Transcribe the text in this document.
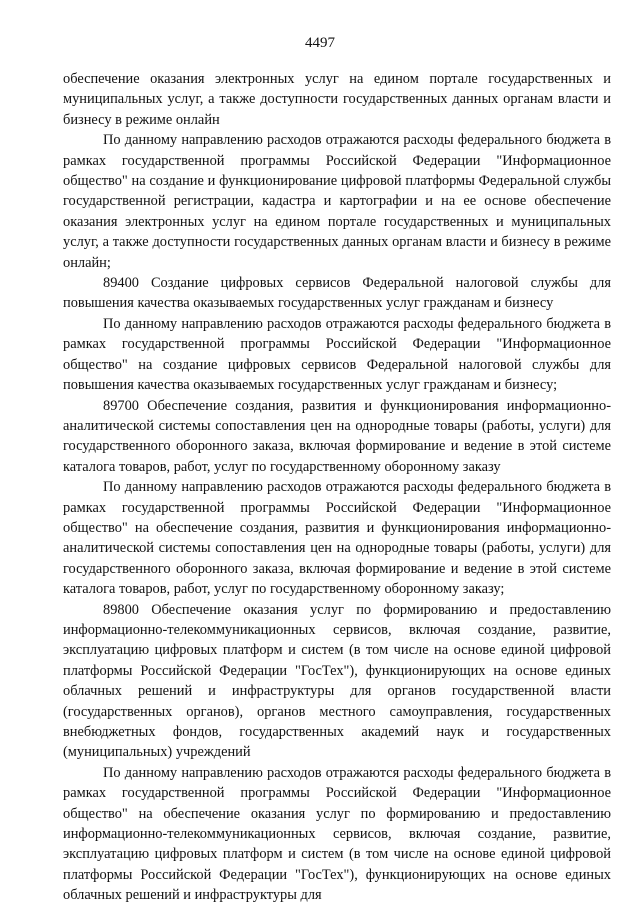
4497

обеспечение оказания электронных услуг на едином портале государственных и муниципальных услуг, а также доступности государственных данных органам власти и бизнесу в режиме онлайн

По данному направлению расходов отражаются расходы федерального бюджета в рамках государственной программы Российской Федерации "Информационное общество" на создание и функционирование цифровой платформы Федеральной службы государственной регистрации, кадастра и картографии и на ее основе обеспечение оказания электронных услуг на едином портале государственных и муниципальных услуг, а также доступности государственных данных органам власти и бизнесу в режиме онлайн;

89400 Создание цифровых сервисов Федеральной налоговой службы для повышения качества оказываемых государственных услуг гражданам и бизнесу

По данному направлению расходов отражаются расходы федерального бюджета в рамках государственной программы Российской Федерации "Информационное общество" на создание цифровых сервисов Федеральной налоговой службы для повышения качества оказываемых государственных услуг гражданам и бизнесу;

89700 Обеспечение создания, развития и функционирования информационно-аналитической системы сопоставления цен на однородные товары (работы, услуги) для государственного оборонного заказа, включая формирование и ведение в этой системе каталога товаров, работ, услуг по государственному оборонному заказу

По данному направлению расходов отражаются расходы федерального бюджета в рамках государственной программы Российской Федерации "Информационное общество" на обеспечение создания, развития и функционирования информационно-аналитической системы сопоставления цен на однородные товары (работы, услуги) для государственного оборонного заказа, включая формирование и ведение в этой системе каталога товаров, работ, услуг по государственному оборонному заказу;

89800 Обеспечение оказания услуг по формированию и предоставлению информационно-телекоммуникационных сервисов, включая создание, развитие, эксплуатацию цифровых платформ и систем (в том числе на основе единой цифровой платформы Российской Федерации "ГосТех"), функционирующих на основе единых облачных решений и инфраструктуры для органов государственной власти (государственных органов), органов местного самоуправления, государственных внебюджетных фондов, государственных академий наук и государственных (муниципальных) учреждений

По данному направлению расходов отражаются расходы федерального бюджета в рамках государственной программы Российской Федерации "Информационное общество" на обеспечение оказания услуг по формированию и предоставлению информационно-телекоммуникационных сервисов, включая создание, развитие, эксплуатацию цифровых платформ и систем (в том числе на основе единой цифровой платформы Российской Федерации "ГосТех"), функционирующих на основе единых облачных решений и инфраструктуры для
